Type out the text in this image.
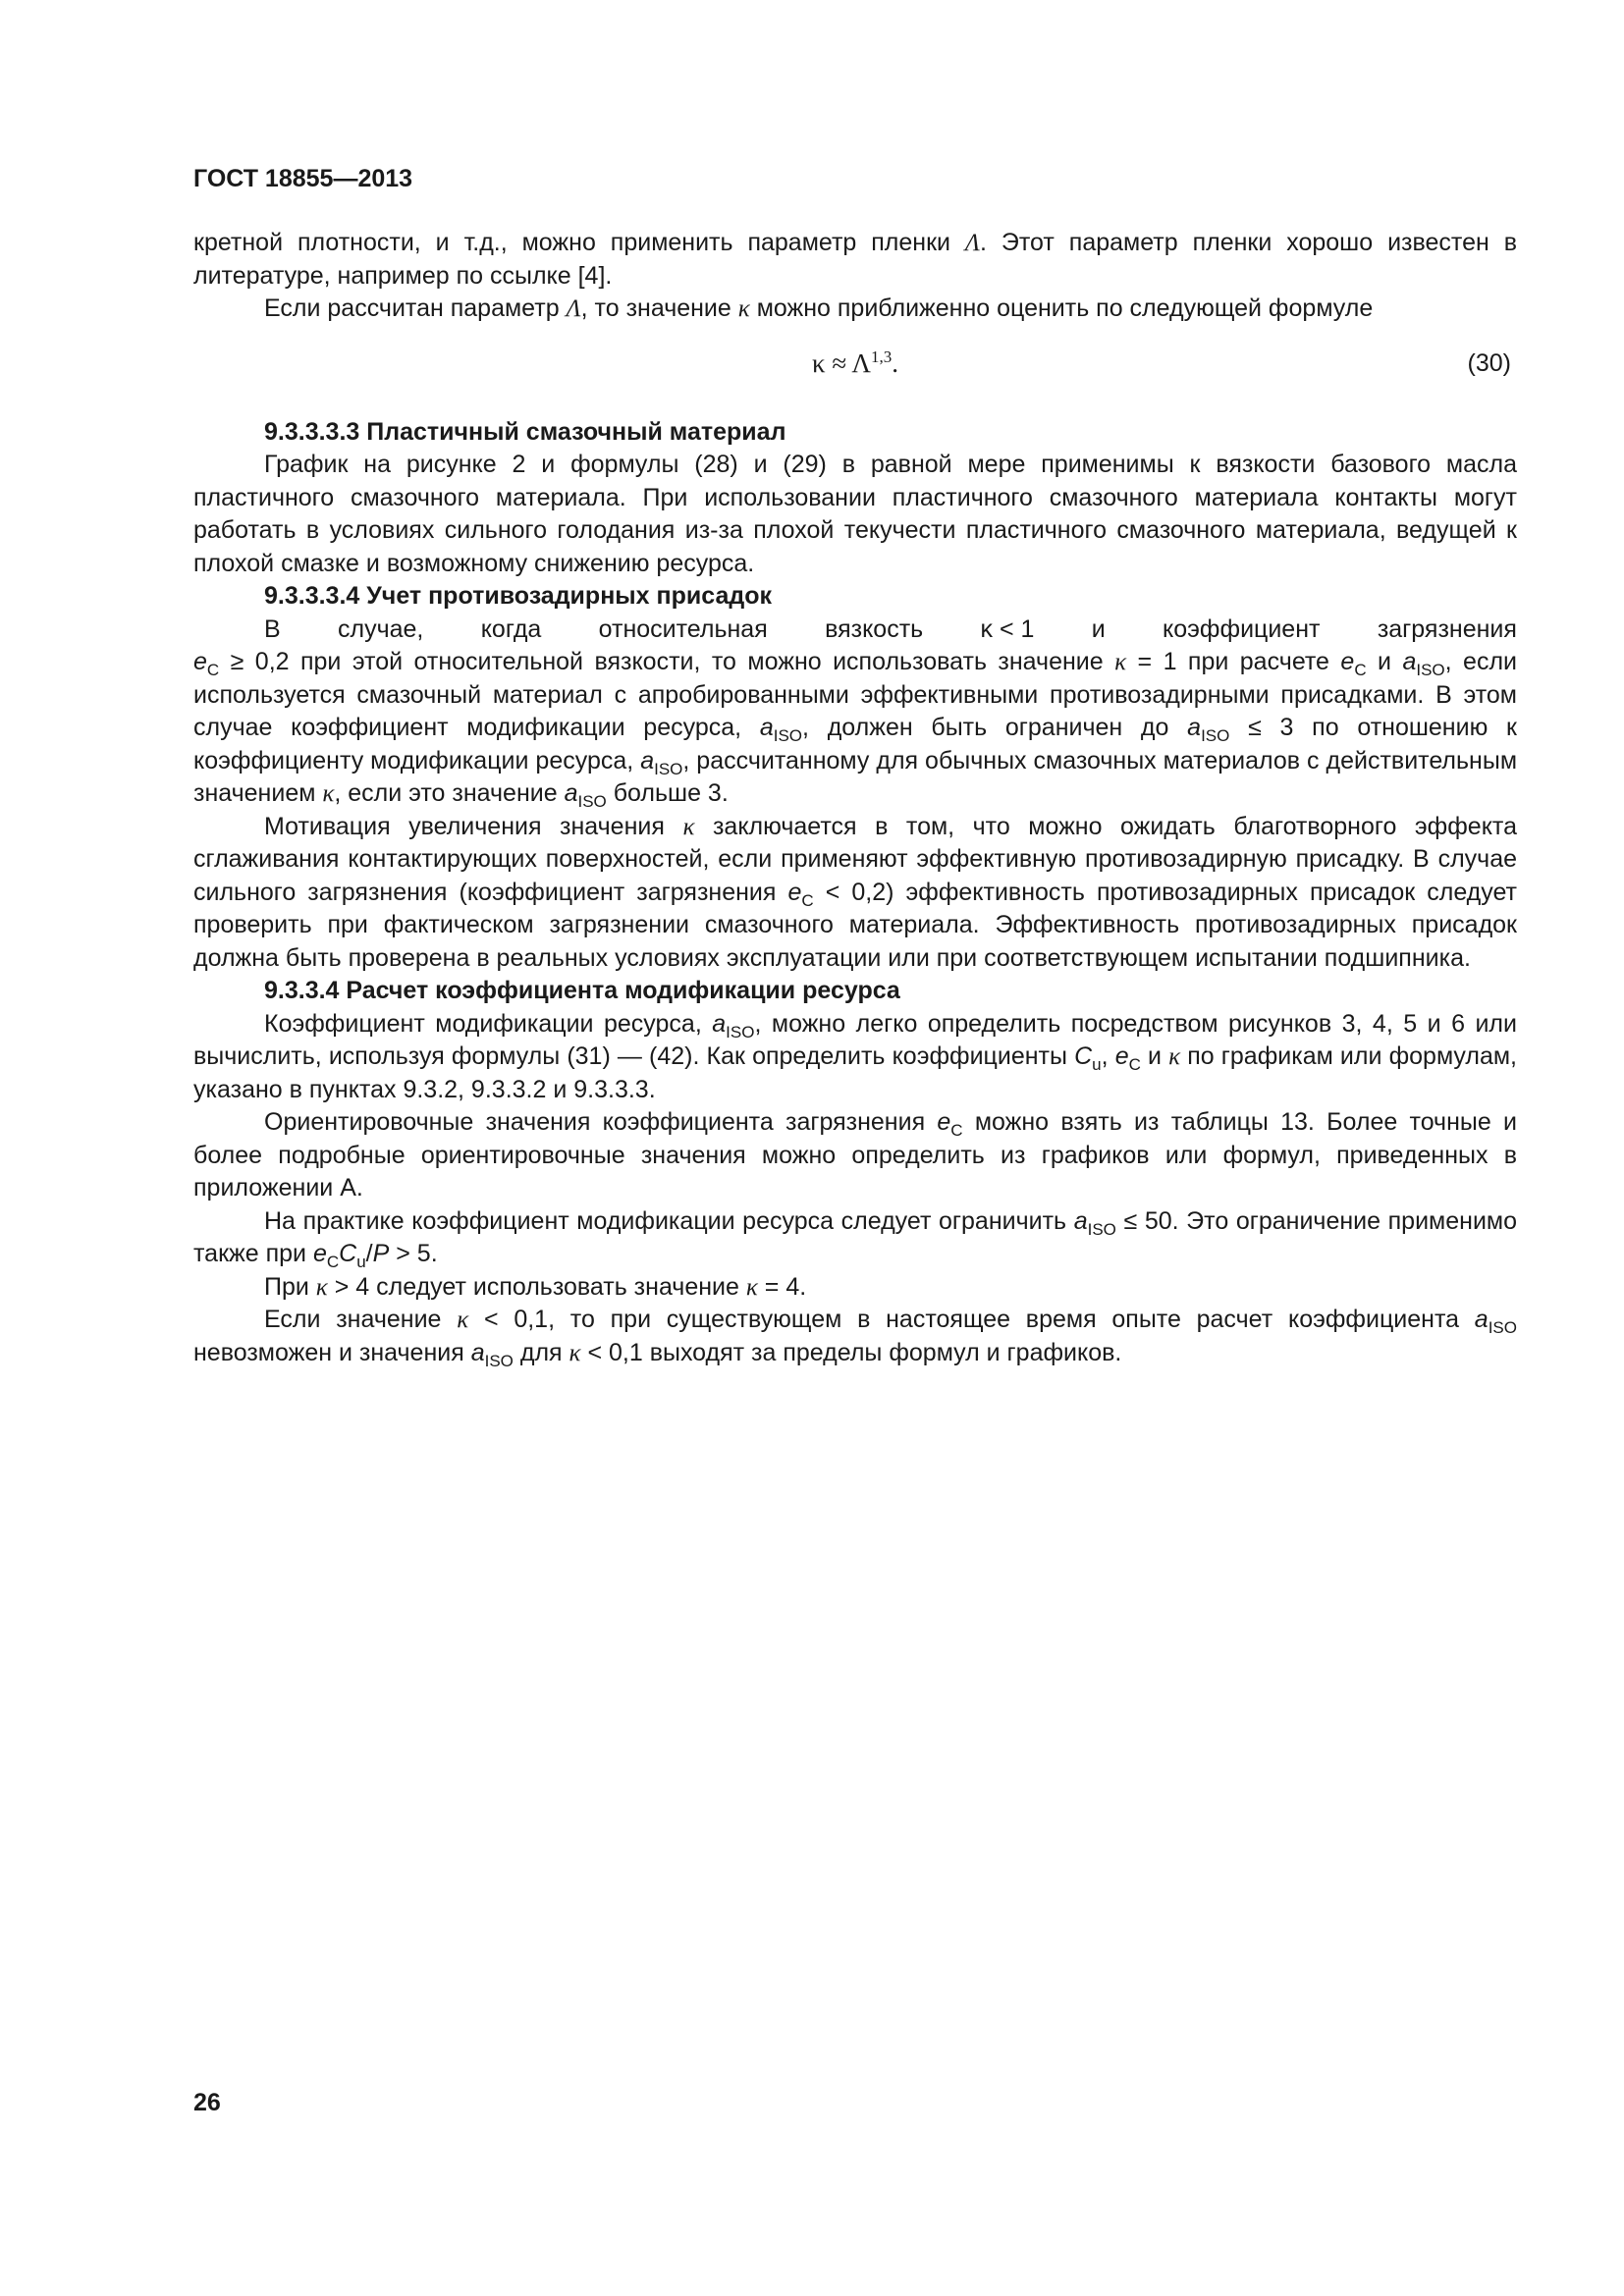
ГОСТ 18855—2013

кретной плотности, и т.д., можно применить параметр пленки Λ. Этот параметр пленки хорошо известен в литературе, например по ссылке [4].

Если рассчитан параметр Λ, то значение κ можно приближенно оценить по следующей формуле

κ ≈ Λ$^{1,3}$.	(30)

9.3.3.3.3 Пластичный смазочный материал

График на рисунке 2 и формулы (28) и (29) в равной мере применимы к вязкости базового масла пластичного смазочного материала. При использовании пластичного смазочного материала контакты могут работать в условиях сильного голодания из-за плохой текучести пластичного смазочного материала, ведущей к плохой смазке и возможному снижению ресурса.

9.3.3.3.4 Учет противозадирных присадок

В случае, когда относительная вязкость κ < 1 и коэффициент загрязнения

$e_C \ge 0,2$ при этой относительной вязкости, то можно использовать значение κ = 1 при расчете $e_C$ и $a_{ISO}$, если используется смазочный материал с апробированными эффективными противозадирными присадками. В этом случае коэффициент модификации ресурса, $a_{ISO}$, должен быть ограничен до $a_{ISO} \le 3$ по отношению к коэффициенту модификации ресурса, $a_{ISO}$, рассчитанному для обычных смазочных материалов с действительным значением κ, если это значение $a_{ISO}$ больше 3.

Мотивация увеличения значения κ заключается в том, что можно ожидать благотворного эффекта сглаживания контактирующих поверхностей, если применяют эффективную противозадирную присадку. В случае сильного загрязнения (коэффициент загрязнения $e_C < 0,2$) эффективность противозадирных присадок следует проверить при фактическом загрязнении смазочного материала. Эффективность противозадирных присадок должна быть проверена в реальных условиях эксплуатации или при соответствующем испытании подшипника.

9.3.3.4 Расчет коэффициента модификации ресурса

Коэффициент модификации ресурса, $a_{ISO}$, можно легко определить посредством рисунков 3, 4, 5 и 6 или вычислить, используя формулы (31) — (42). Как определить коэффициенты $C_u$, $e_C$ и κ по графикам или формулам, указано в пунктах 9.3.2, 9.3.3.2 и 9.3.3.3.

Ориентировочные значения коэффициента загрязнения $e_C$ можно взять из таблицы 13. Более точные и более подробные ориентировочные значения можно определить из графиков или формул, приведенных в приложении А.

На практике коэффициент модификации ресурса следует ограничить $a_{ISO} \le 50$. Это ограничение применимо также при $e_CC_u/P > 5$.

При κ > 4 следует использовать значение κ = 4.

Если значение κ < 0,1, то при существующем в настоящее время опыте расчет коэффициента $a_{ISO}$ невозможен и значения $a_{ISO}$ для κ < 0,1 выходят за пределы формул и графиков.

26
